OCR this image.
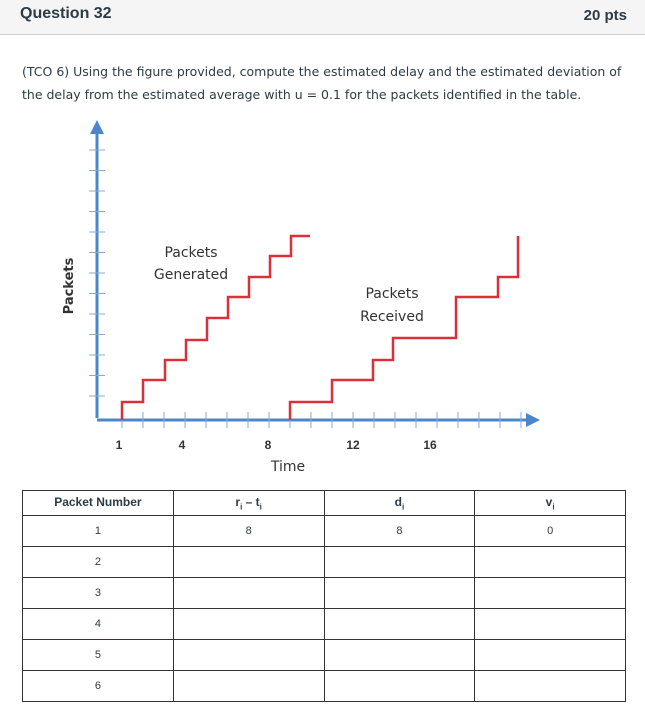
Question 32	20 pts
(TCO 6) Using the figure provided, compute the estimated delay and the estimated deviation of
the delay from the estimated average with u = 0.1 for the packets identified in the table.
1	4	8	12	16
Time
Packets
Packets
Generated
Packets
Received
Packet Number	$r_i - t_i$	$d_i$	$v_i$
1	8	8	0
2			
3			
4			
5			
6			
